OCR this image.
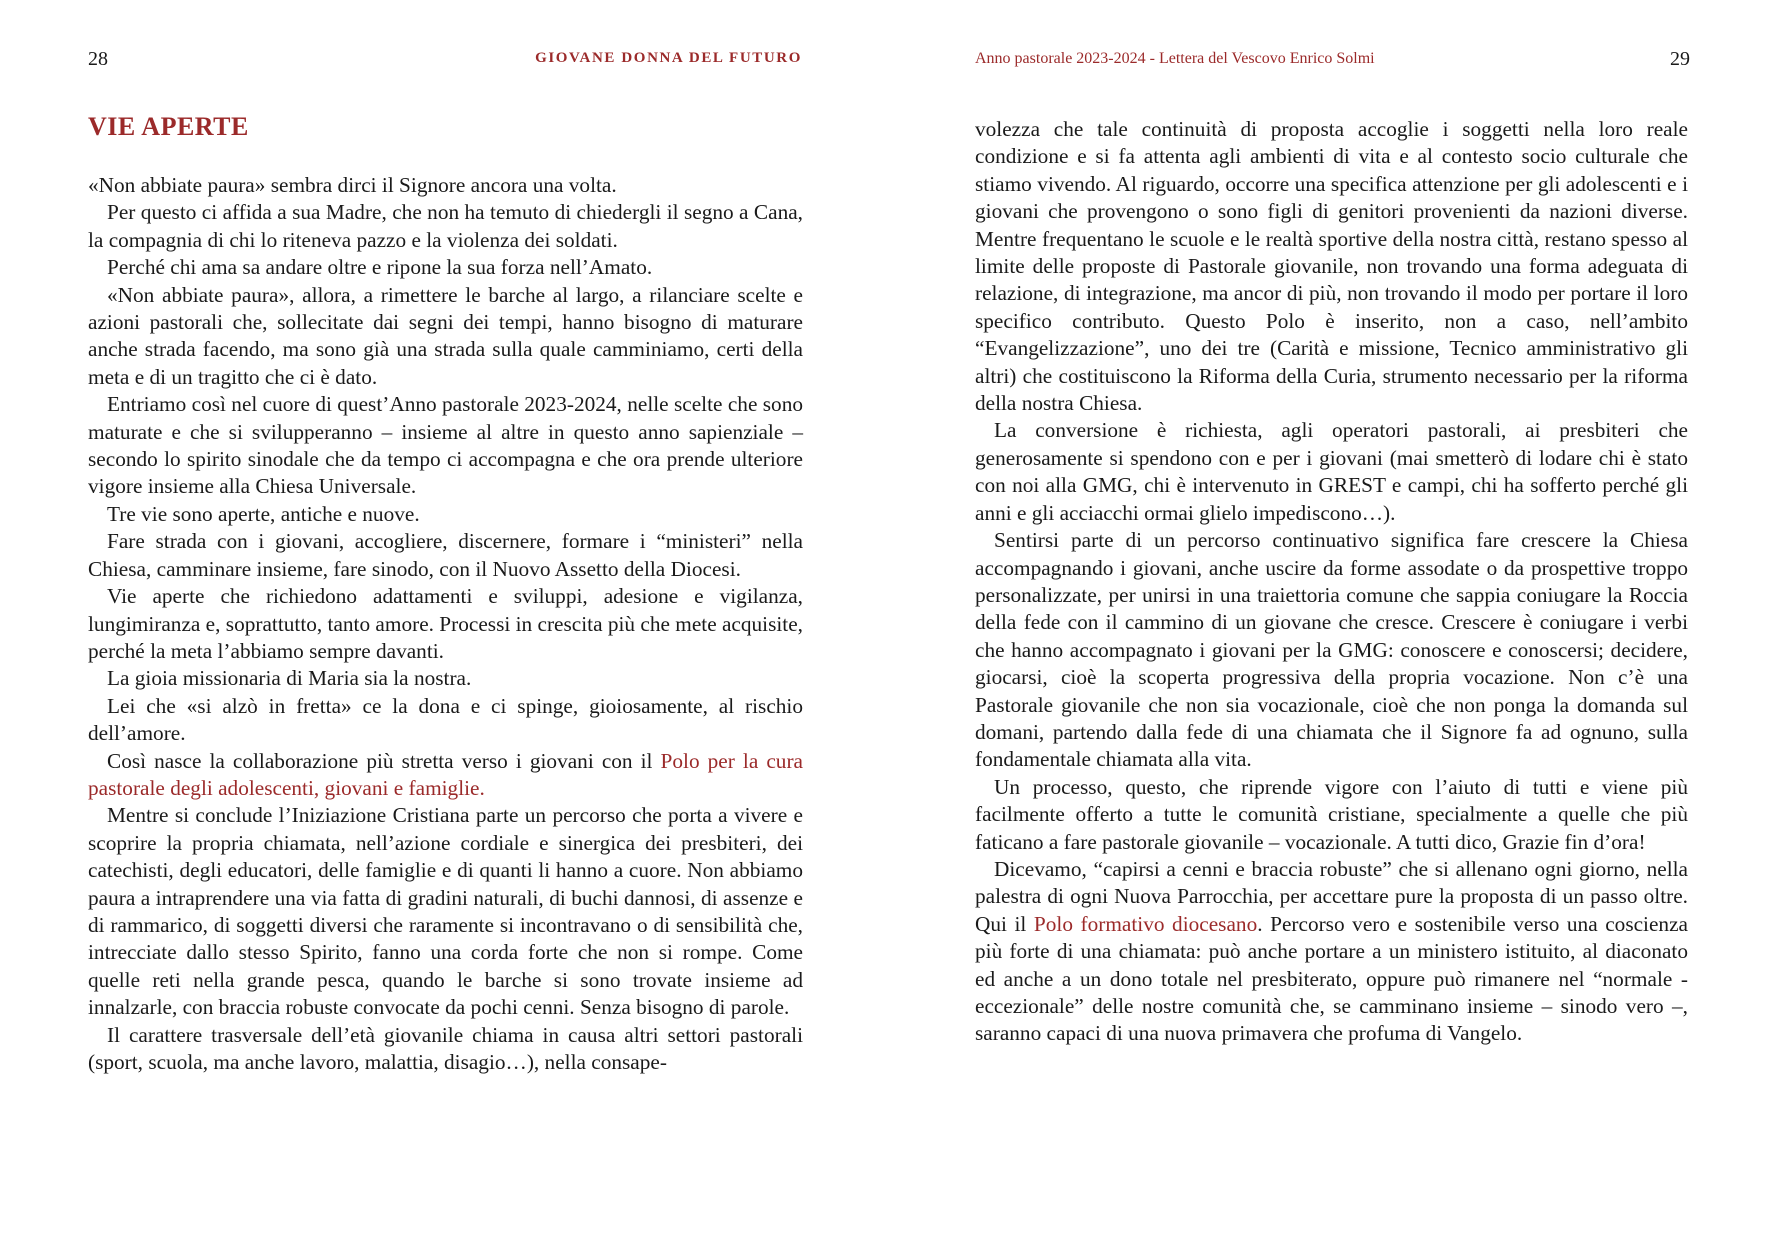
28	GIOVANE DONNA DEL FUTURO
VIE APERTE

«Non abbiate paura» sembra dirci il Signore ancora una volta.

Per questo ci affida a sua Madre, che non ha temuto di chiedergli il segno a Cana, la compagnia di chi lo riteneva pazzo e la violenza dei soldati.

Perché chi ama sa andare oltre e ripone la sua forza nell’Amato.

«Non abbiate paura», allora, a rimettere le barche al largo, a rilanciare scelte e azioni pastorali che, sollecitate dai segni dei tempi, hanno bisogno di maturare anche strada facendo, ma sono già una strada sulla quale camminiamo, certi della meta e di un tragitto che ci è dato.

Entriamo così nel cuore di quest’Anno pastorale 2023-2024, nelle scelte che sono maturate e che si svilupperanno – insieme al altre in questo anno sapienziale – secondo lo spirito sinodale che da tempo ci accompagna e che ora prende ulteriore vigore insieme alla Chiesa Universale.

Tre vie sono aperte, antiche e nuove.

Fare strada con i giovani, accogliere, discernere, formare i “ministeri” nella Chiesa, camminare insieme, fare sinodo, con il Nuovo Assetto della Diocesi.

Vie aperte che richiedono adattamenti e sviluppi, adesione e vigilanza, lungimiranza e, soprattutto, tanto amore. Processi in crescita più che mete acquisite, perché la meta l’abbiamo sempre davanti.

La gioia missionaria di Maria sia la nostra.

Lei che «si alzò in fretta» ce la dona e ci spinge, gioiosamente, al rischio dell’amore.

Così nasce la collaborazione più stretta verso i giovani con il Polo per la cura pastorale degli adolescenti, giovani e famiglie.

Mentre si conclude l’Iniziazione Cristiana parte un percorso che porta a vivere e scoprire la propria chiamata, nell’azione cordiale e sinergica dei presbiteri, dei catechisti, degli educatori, delle famiglie e di quanti li hanno a cuore. Non abbiamo paura a intraprendere una via fatta di gradini naturali, di buchi dannosi, di assenze e di rammarico, di soggetti diversi che raramente si incontravano o di sensibilità che, intrecciate dallo stesso Spirito, fanno una corda forte che non si rompe. Come quelle reti nella grande pesca, quando le barche si sono trovate insieme ad innalzarle, con braccia robuste convocate da pochi cenni. Senza bisogno di parole.

Il carattere trasversale dell’età giovanile chiama in causa altri settori pastorali (sport, scuola, ma anche lavoro, malattia, disagio…), nella consape-

Anno pastorale 2023-2024 - Lettera del Vescovo Enrico Solmi	29

volezza che tale continuità di proposta accoglie i soggetti nella loro reale condizione e si fa attenta agli ambienti di vita e al contesto socio culturale che stiamo vivendo. Al riguardo, occorre una specifica attenzione per gli adolescenti e i giovani che provengono o sono figli di genitori provenienti da nazioni diverse. Mentre frequentano le scuole e le realtà sportive della nostra città, restano spesso al limite delle proposte di Pastorale giovanile, non trovando una forma adeguata di relazione, di integrazione, ma ancor di più, non trovando il modo per portare il loro specifico contributo. Questo Polo è inserito, non a caso, nell’ambito “Evangelizzazione”, uno dei tre (Carità e missione, Tecnico amministrativo gli altri) che costituiscono la Riforma della Curia, strumento necessario per la riforma della nostra Chiesa.

La conversione è richiesta, agli operatori pastorali, ai presbiteri che generosamente si spendono con e per i giovani (mai smetterò di lodare chi è stato con noi alla GMG, chi è intervenuto in GREST e campi, chi ha sofferto perché gli anni e gli acciacchi ormai glielo impediscono…).

Sentirsi parte di un percorso continuativo significa fare crescere la Chiesa accompagnando i giovani, anche uscire da forme assodate o da prospettive troppo personalizzate, per unirsi in una traiettoria comune che sappia coniugare la Roccia della fede con il cammino di un giovane che cresce. Crescere è coniugare i verbi che hanno accompagnato i giovani per la GMG: conoscere e conoscersi; decidere, giocarsi, cioè la scoperta progressiva della propria vocazione. Non c’è una Pastorale giovanile che non sia vocazionale, cioè che non ponga la domanda sul domani, partendo dalla fede di una chiamata che il Signore fa ad ognuno, sulla fondamentale chiamata alla vita.

Un processo, questo, che riprende vigore con l’aiuto di tutti e viene più facilmente offerto a tutte le comunità cristiane, specialmente a quelle che più faticano a fare pastorale giovanile – vocazionale. A tutti dico, Grazie fin d’ora!

Dicevamo, “capirsi a cenni e braccia robuste” che si allenano ogni giorno, nella palestra di ogni Nuova Parrocchia, per accettare pure la proposta di un passo oltre. Qui il Polo formativo diocesano. Percorso vero e sostenibile verso una coscienza più forte di una chiamata: può anche portare a un ministero istituito, al diaconato ed anche a un dono totale nel presbiterato, oppure può rimanere nel “normale - eccezionale” delle nostre comunità che, se camminano insieme – sinodo vero –, saranno capaci di una nuova primavera che profuma di Vangelo.
